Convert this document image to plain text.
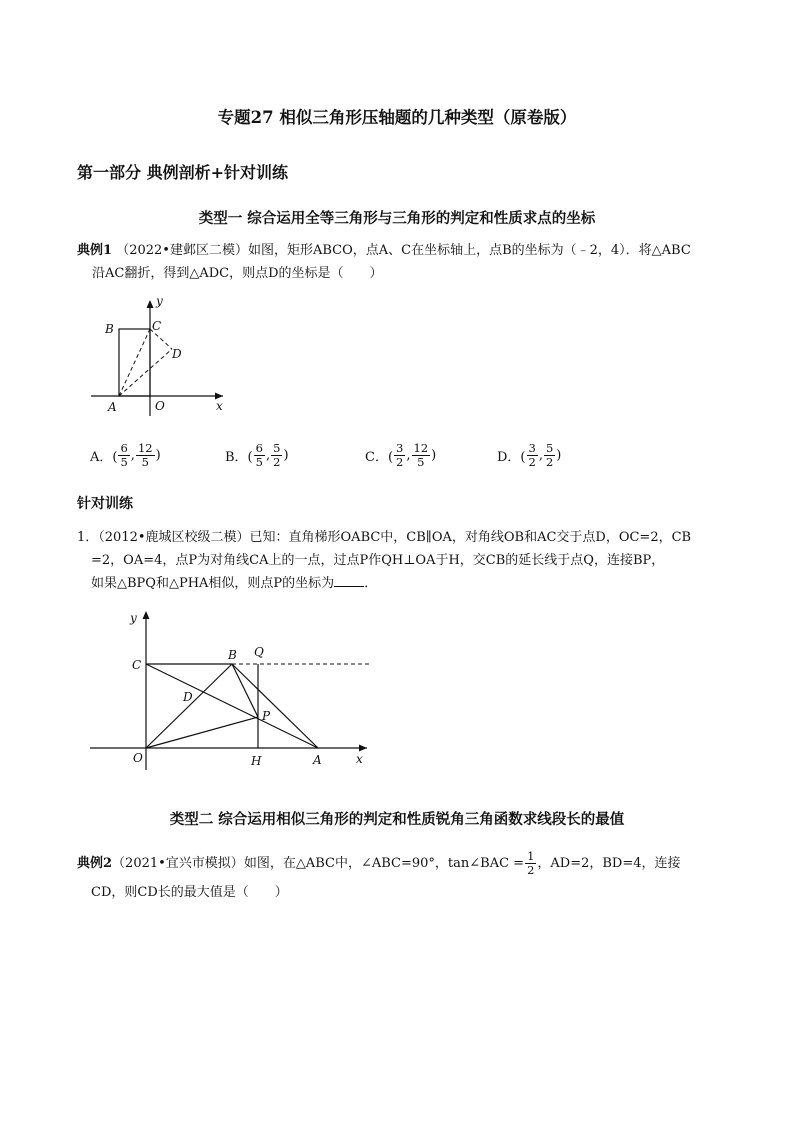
专题27 相似三角形压轴题的几种类型（原卷版）
第一部分 典例剖析+针对训练
类型一 综合运用全等三角形与三角形的判定和性质求点的坐标
典例1 （2022•建邺区二模）如图，矩形ABCO，点A、C在坐标轴上，点B的坐标为（﹣2，4）．将△ABC
沿AC翻折，得到△ADC，则点D的坐标是（　　）
B	C
D
A	O	x
y
A．( $\frac{6}{5}$ , $\frac{12}{5}$ )	B．( $\frac{6}{5}$ , $\frac{5}{2}$ )	C．( $\frac{3}{2}$ , $\frac{12}{5}$ )	D．( $\frac{3}{2}$ , $\frac{5}{2}$ )
针对训练
1．（2012•鹿城区校级二模）已知：直角梯形OABC中，CB∥OA，对角线OB和AC交于点D，OC=2，CB
=2，OA=4，点P为对角线CA上的一点，过点P作QH⊥OA于H，交CB的延长线于点Q，连接BP，
如果△BPQ和△PHA相似，则点P的坐标为 ．
C
B Q
D
P
O	H	A	x
y
类型二 综合运用相似三角形的判定和性质锐角三角函数求线段长的最值
典例2 （2021•宜兴市模拟） 如图，在△ABC中，∠ABC=90°，tan∠BAC = $\frac{1}{2}$ ，AD=2，BD=4，连接
CD，则CD长的最大值是（　　）
